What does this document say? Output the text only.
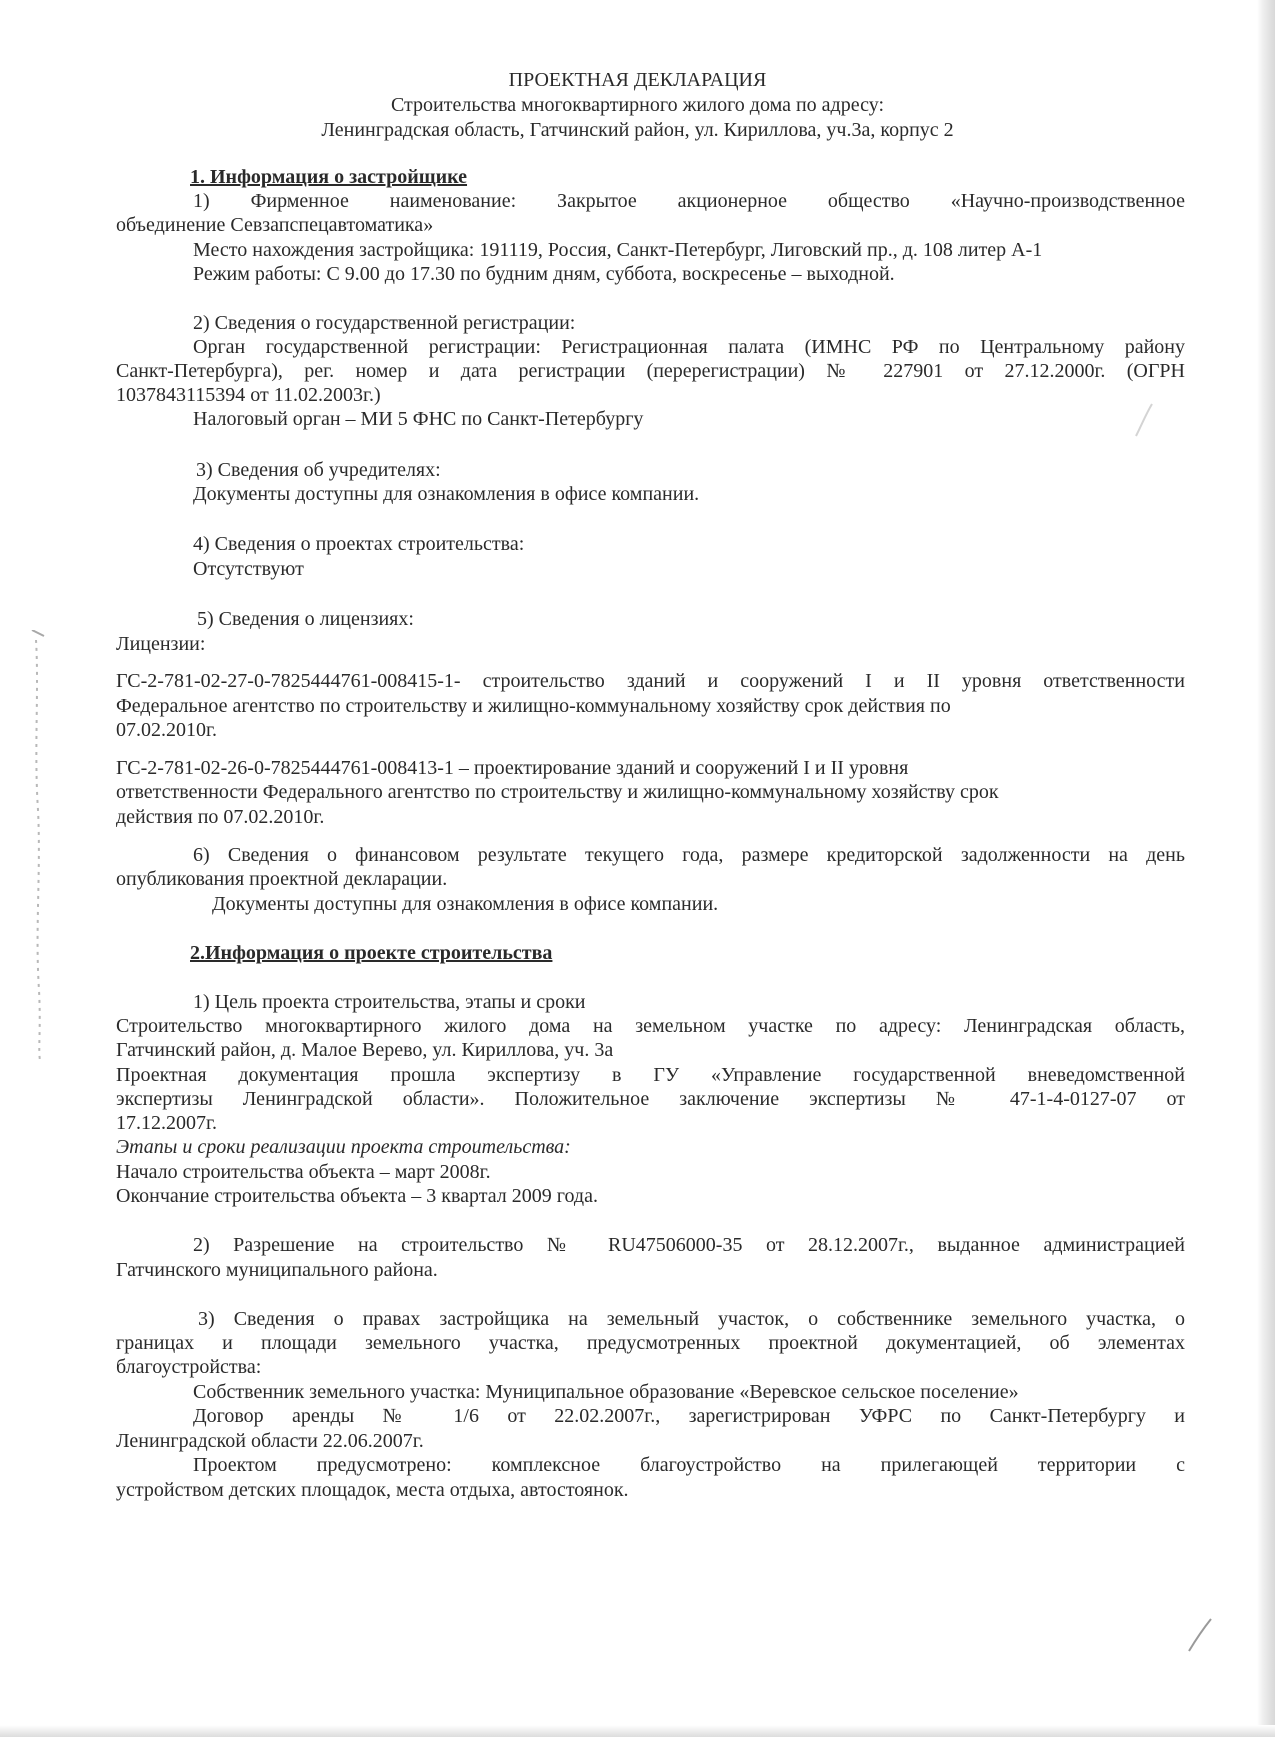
ПРОЕКТНАЯ ДЕКЛАРАЦИЯ
Строительства многоквартирного жилого дома по адресу:
Ленинградская область, Гатчинский район, ул. Кириллова, уч.3а, корпус 2
1. Информация о застройщике
1) Фирменное наименование: Закрытое акционерное общество «Научно-производственное
объединение Севзапспецавтоматика»
Место нахождения застройщика: 191119, Россия, Санкт-Петербург, Лиговский пр., д. 108 литер А-1
Режим работы: С 9.00 до 17.30 по будним дням, суббота, воскресенье – выходной.
2) Сведения о государственной регистрации:
Орган государственной регистрации: Регистрационная палата (ИМНС РФ по Центральному району
Санкт-Петербурга), рег. номер и дата регистрации (перерегистрации) № 227901 от 27.12.2000г. (ОГРН
1037843115394 от 11.02.2003г.)
Налоговый орган – МИ 5 ФНС по Санкт-Петербургу
3) Сведения об учредителях:
Документы доступны для ознакомления в офисе компании.
4) Сведения о проектах строительства:
Отсутствуют
5) Сведения о лицензиях:
Лицензии:
ГС-2-781-02-27-0-7825444761-008415-1- строительство зданий и сооружений I и II уровня ответственности
Федеральное агентство по строительству и жилищно-коммунальному хозяйству срок действия по
07.02.2010г.
ГС-2-781-02-26-0-7825444761-008413-1 – проектирование зданий и сооружений I и II уровня
ответственности Федерального агентство по строительству и жилищно-коммунальному хозяйству срок
действия по 07.02.2010г.
6) Сведения о финансовом результате текущего года, размере кредиторской задолженности на день
опубликования проектной декларации.
Документы доступны для ознакомления в офисе компании.
2.Информация о проекте строительства
1) Цель проекта строительства, этапы и сроки
Строительство многоквартирного жилого дома на земельном участке по адресу: Ленинградская область,
Гатчинский район, д. Малое Верево, ул. Кириллова, уч. 3а
Проектная документация прошла экспертизу в ГУ «Управление государственной вневедомственной
экспертизы Ленинградской области». Положительное заключение экспертизы № 47-1-4-0127-07 от
17.12.2007г.
Этапы и сроки реализации проекта строительства:
Начало строительства объекта – март 2008г.
Окончание строительства объекта – 3 квартал 2009 года.
2) Разрешение на строительство № RU47506000-35 от 28.12.2007г., выданное администрацией
Гатчинского муниципального района.
3) Сведения о правах застройщика на земельный участок, о собственнике земельного участка, о
границах и площади земельного участка, предусмотренных проектной документацией, об элементах
благоустройства:
Собственник земельного участка: Муниципальное образование «Веревское сельское поселение»
Договор аренды № 1/6 от 22.02.2007г., зарегистрирован УФРС по Санкт-Петербургу и
Ленинградской области 22.06.2007г.
Проектом предусмотрено: комплексное благоустройство на прилегающей территории с
устройством детских площадок, места отдыха, автостоянок.
